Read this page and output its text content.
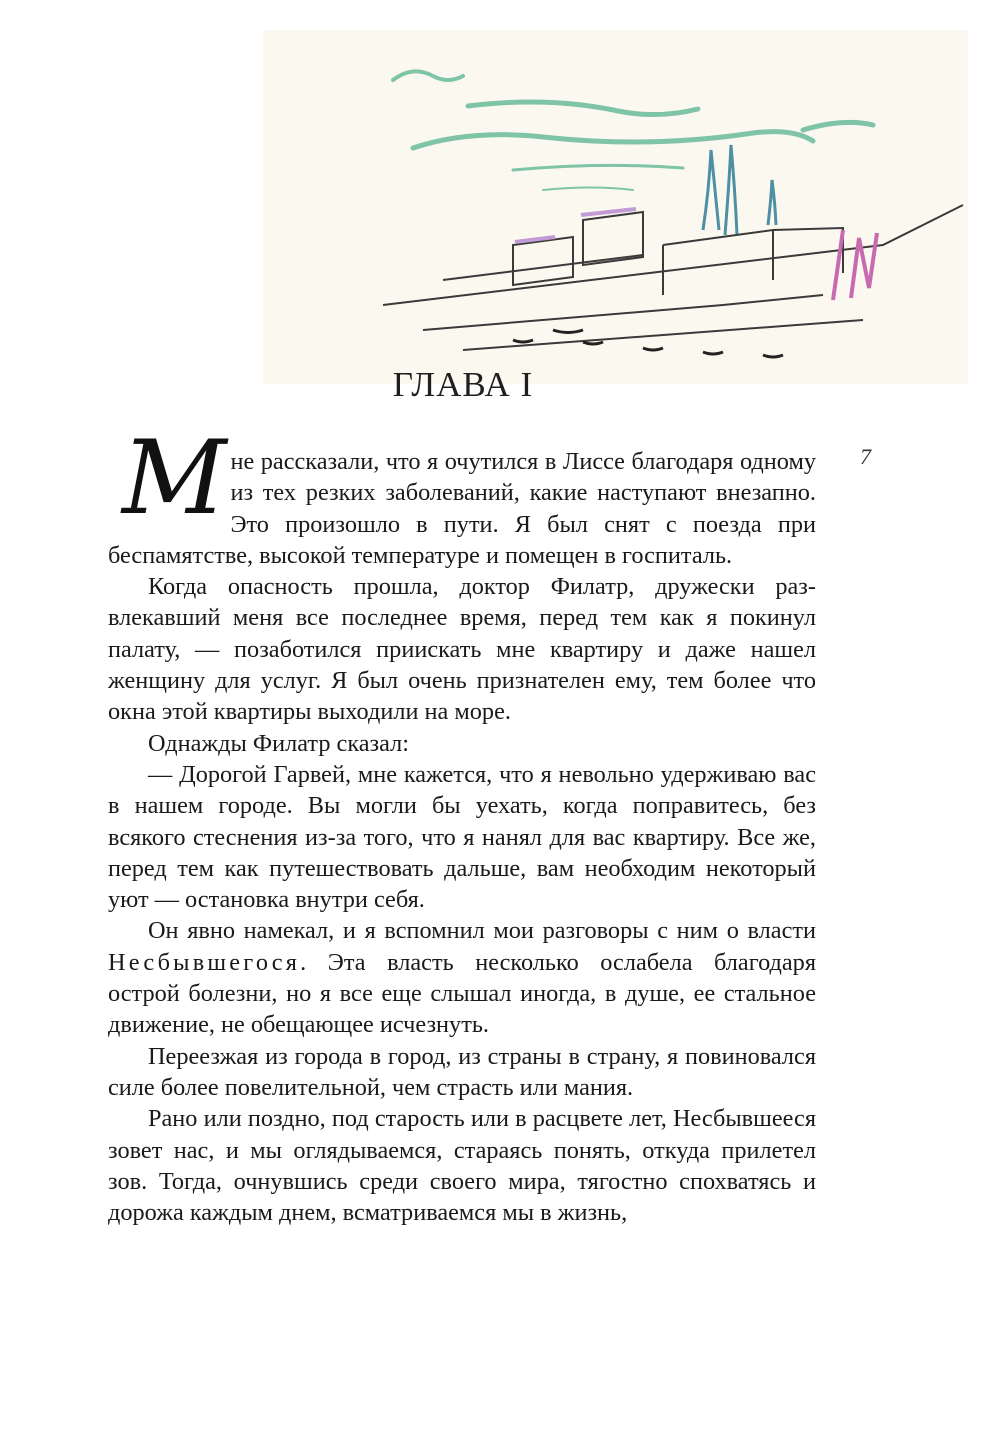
ГЛАВА I
7

Мне рассказали, что я очутился в Лиссе благодаря одному из тех резких заболеваний, какие наступают внезапно. Это произошло в пути. Я был снят с поезда при беспамятстве, высокой температуре и помещен в госпиталь.

Когда опасность прошла, доктор Филатр, дружески развлекавший меня все последнее время, перед тем как я покинул палату, — позаботился приискать мне квартиру и даже нашел женщину для услуг. Я был очень признателен ему, тем более что окна этой квартиры выходили на море.

Однажды Филатр сказал:

— Дорогой Гарвей, мне кажется, что я невольно удерживаю вас в нашем городе. Вы могли бы уехать, когда поправитесь, без всякого стеснения из-за того, что я нанял для вас квартиру. Все же, перед тем как путешествовать дальше, вам необходим некоторый уют — остановка внутри себя.

Он явно намекал, и я вспомнил мои разговоры с ним о власти Несбывшегося. Эта власть несколько ослабела благодаря острой болезни, но я все еще слышал иногда, в душе, ее стальное движение, не обещающее исчезнуть.

Переезжая из города в город, из страны в страну, я повиновался силе более повелительной, чем страсть или мания.

Рано или поздно, под старость или в расцвете лет, Несбывшееся зовет нас, и мы оглядываемся, стараясь понять, откуда прилетел зов. Тогда, очнувшись среди своего мира, тягостно спохватясь и дорожа каждым днем, всматриваемся мы в жизнь,
